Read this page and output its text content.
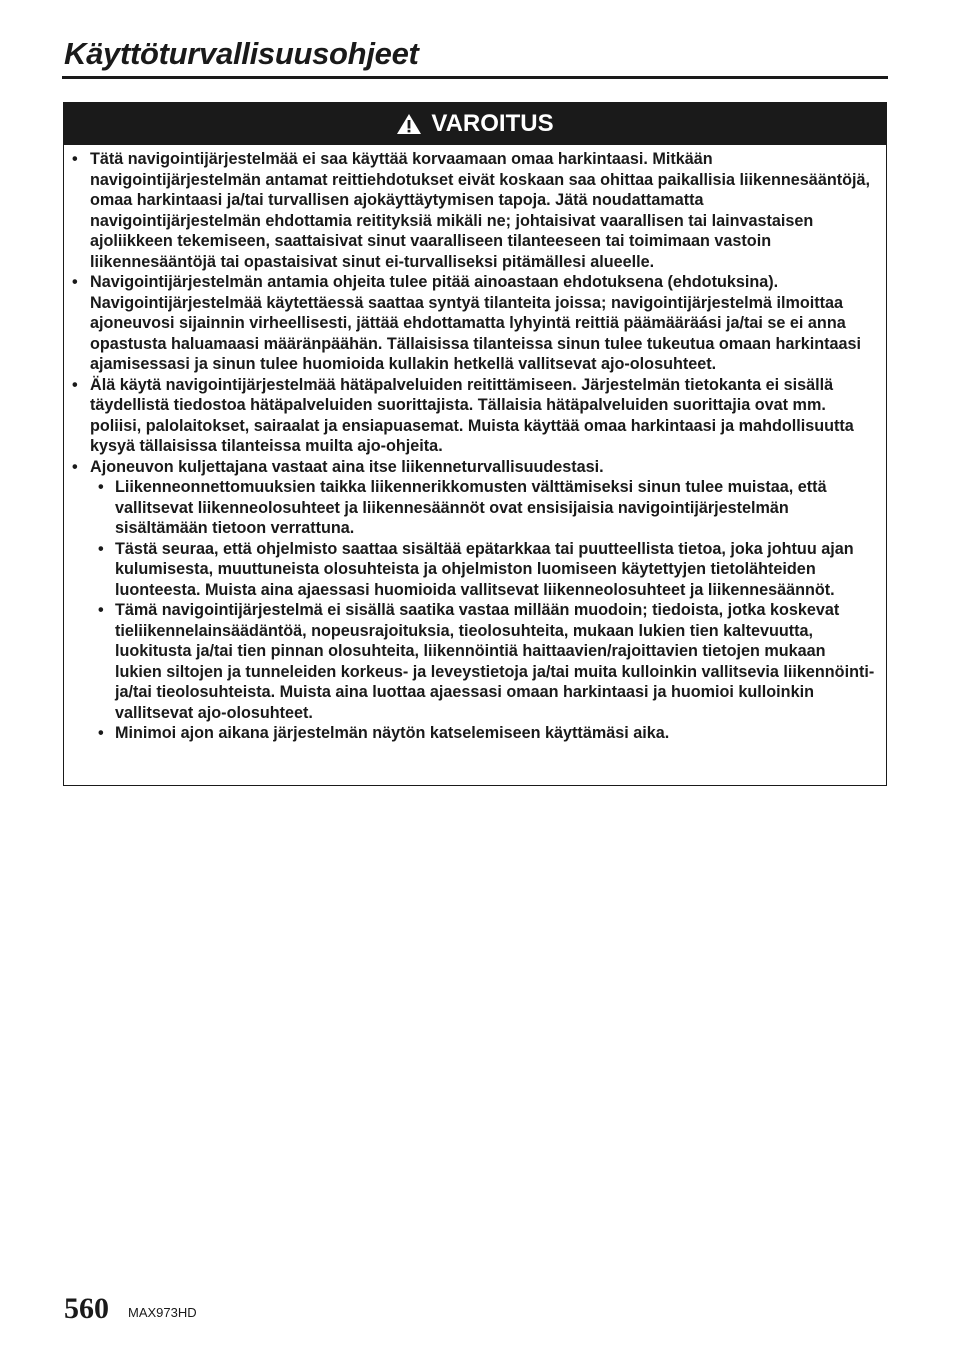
Käyttöturvallisuusohjeet
VAROITUS
• Tätä navigointijärjestelmää ei saa käyttää korvaamaan omaa harkintaasi. Mitkään navigointijärjestelmän antamat reittiehdotukset eivät koskaan saa ohittaa paikallisia liikennesääntöjä, omaa harkintaasi ja/tai turvallisen ajokäyttäytymisen tapoja. Jätä noudattamatta navigointijärjestelmän ehdottamia reitityksiä mikäli ne; johtaisivat vaarallisen tai lainvastaisen ajoliikkeen tekemiseen, saattaisivat sinut vaaralliseen tilanteeseen tai toimimaan vastoin liikennesääntöjä tai opastaisivat sinut ei-turvalliseksi pitämällesi alueelle.
• Navigointijärjestelmän antamia ohjeita tulee pitää ainoastaan ehdotuksena (ehdotuksina). Navigointijärjestelmää käytettäessä saattaa syntyä tilanteita joissa; navigointijärjestelmä ilmoittaa ajoneuvosi sijainnin virheellisesti, jättää ehdottamatta lyhyintä reittiä päämääräási ja/tai se ei anna opastusta haluamaasi määränpäähän. Tällaisissa tilanteissa sinun tulee tukeutua omaan harkintaasi ajamisessasi ja sinun tulee huomioida kullakin hetkellä vallitsevat ajo-olosuhteet.
• Älä käytä navigointijärjestelmää hätäpalveluiden reitittämiseen. Järjestelmän tietokanta ei sisällä täydellistä tiedostoa hätäpalveluiden suorittajista. Tällaisia hätäpalveluiden suorittajia ovat mm. poliisi, palolaitokset, sairaalat ja ensiapuasemat. Muista käyttää omaa harkintaasi ja mahdollisuutta kysyä tällaisissa tilanteissa muilta ajo-ohjeita.
• Ajoneuvon kuljettajana vastaat aina itse liikenneturvallisuudestasi.
• Liikenneonnettomuuksien taikka liikennerikkomusten välttämiseksi sinun tulee muistaa, että vallitsevat liikenneolosuhteet ja liikennesäännöt ovat ensisijaisia navigointijärjestelmän sisältämään tietoon verrattuna.
• Tästä seuraa, että ohjelmisto saattaa sisältää epätarkkaa tai puutteellista tietoa, joka johtuu ajan kulumisesta, muuttuneista olosuhteista ja ohjelmiston luomiseen käytettyjen tietolähteiden luonteesta. Muista aina ajaessasi huomioida vallitsevat liikenneolosuhteet ja liikennesäännöt.
• Tämä navigointijärjestelmä ei sisällä saatika vastaa millään muodoin; tiedoista, jotka koskevat tieliikennelainsäädäntöä, nopeusrajoituksia, tieolosuhteita, mukaan lukien tien kaltevuutta, luokitusta ja/tai tien pinnan olosuhteita, liikennöintiä haittaavien/rajoittavien tietojen mukaan lukien siltojen ja tunneleiden korkeus- ja leveystietoja ja/tai muita kulloinkin vallitsevia liikennöinti- ja/tai tieolosuhteista. Muista aina luottaa ajaessasi omaan harkintaasi ja huomioi kulloinkin vallitsevat ajo-olosuhteet.
• Minimoi ajon aikana järjestelmän näytön katselemiseen käyttämäsi aika.
560 MAX973HD
